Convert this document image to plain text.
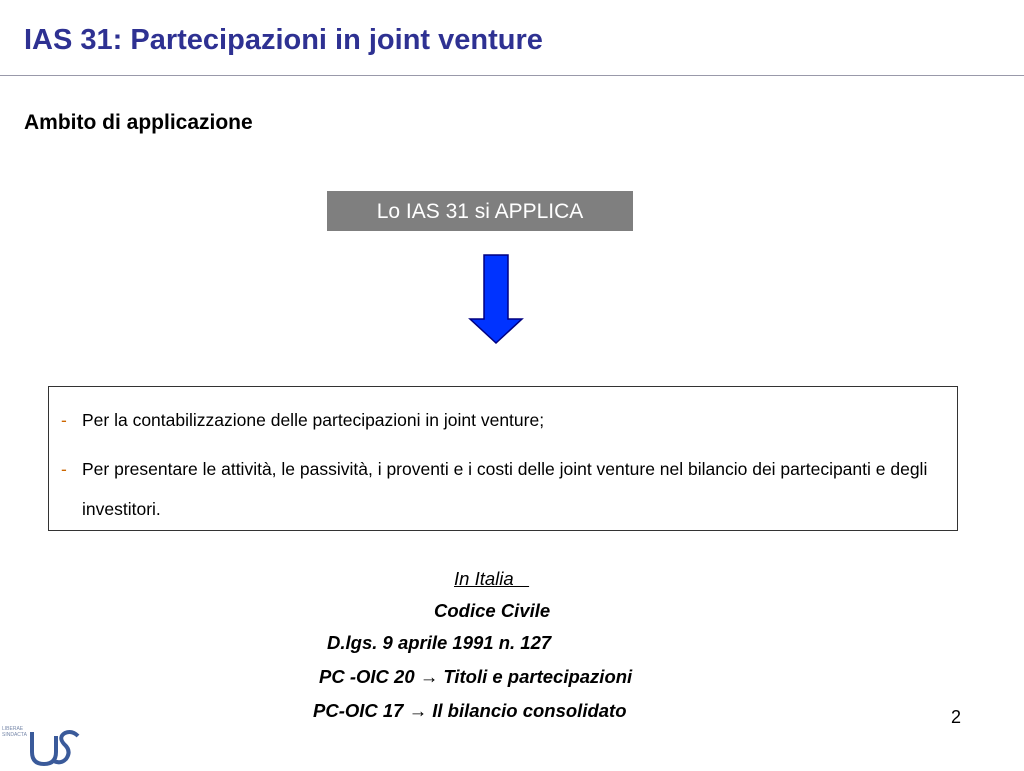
IAS 31: Partecipazioni in joint venture
Ambito di applicazione
Lo IAS 31 si APPLICA
- Per la contabilizzazione delle partecipazioni in joint venture;
- Per presentare le attività, le passività, i proventi e i costi delle joint venture nel bilancio dei partecipanti e degli investitori.
In Italia
Codice Civile
D.lgs. 9 aprile 1991 n. 127
PC -OIC 20 → Titoli e partecipazioni
PC-OIC 17 → Il bilancio consolidato	2
LIBERAE SINDACTA
